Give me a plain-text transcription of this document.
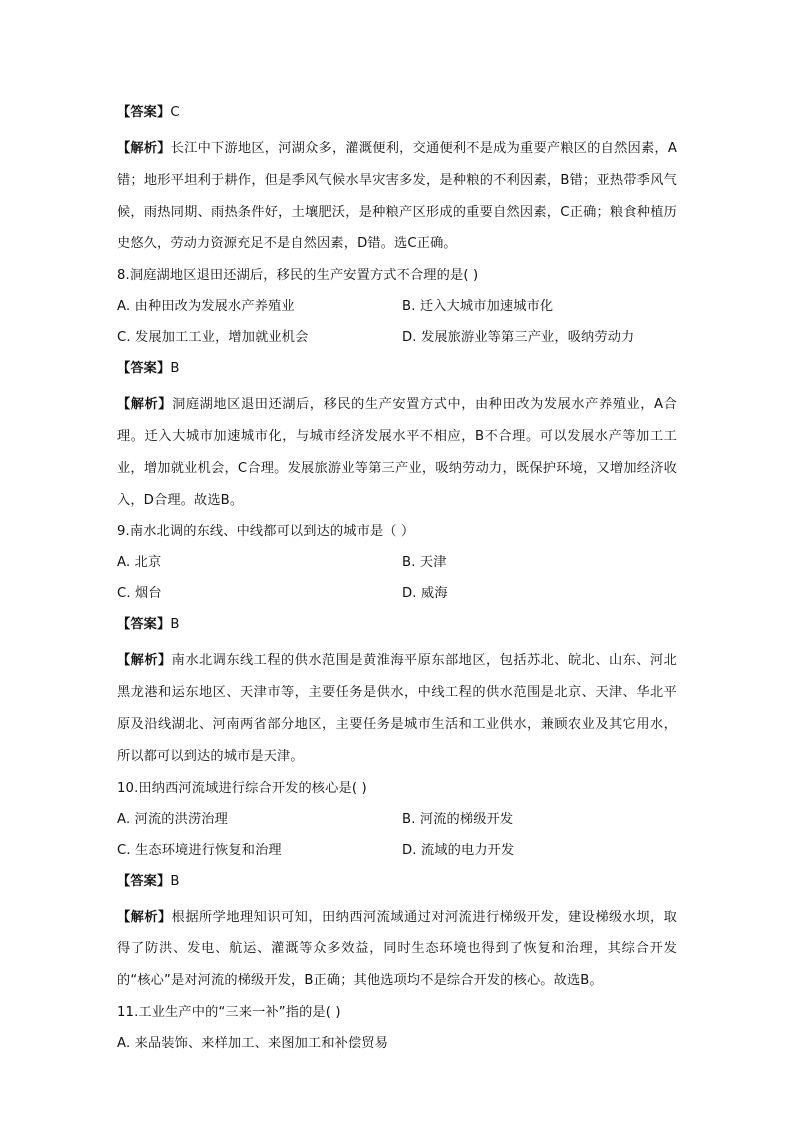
【答案】C

【解析】长江中下游地区，河湖众多，灌溉便利，交通便利不是成为重要产粮区的自然因素，A错；地形平坦利于耕作，但是季风气候水旱灾害多发，是种粮的不利因素，B错；亚热带季风气候，雨热同期、雨热条件好，土壤肥沃，是种粮产区形成的重要自然因素，C正确；粮食种植历史悠久，劳动力资源充足不是自然因素，D错。选C正确。

8.洞庭湖地区退田还湖后，移民的生产安置方式不合理的是( )

A. 由种田改为发展水产养殖业	B. 迁入大城市加速城市化
C. 发展加工工业，增加就业机会	D. 发展旅游业等第三产业，吸纳劳动力

【答案】B

【解析】洞庭湖地区退田还湖后，移民的生产安置方式中，由种田改为发展水产养殖业，A合理。迁入大城市加速城市化，与城市经济发展水平不相应，B不合理。可以发展水产等加工工业，增加就业机会，C合理。发展旅游业等第三产业，吸纳劳动力，既保护环境，又增加经济收入，D合理。故选B。

9.南水北调的东线、中线都可以到达的城市是（ ）

A. 北京	B. 天津
C. 烟台	D. 威海

【答案】B

【解析】南水北调东线工程的供水范围是黄淮海平原东部地区，包括苏北、皖北、山东、河北黑龙港和运东地区、天津市等，主要任务是供水，中线工程的供水范围是北京、天津、华北平原及沿线湖北、河南两省部分地区，主要任务是城市生活和工业供水，兼顾农业及其它用水，所以都可以到达的城市是天津。

10.田纳西河流域进行综合开发的核心是( )

A. 河流的洪涝治理	B. 河流的梯级开发
C. 生态环境进行恢复和治理	D. 流域的电力开发

【答案】B

【解析】根据所学地理知识可知，田纳西河流域通过对河流进行梯级开发，建设梯级水坝，取得了防洪、发电、航运、灌溉等众多效益，同时生态环境也得到了恢复和治理，其综合开发的“核心”是对河流的梯级开发，B正确；其他选项均不是综合开发的核心。故选B。

11.工业生产中的“三来一补”指的是( )

A. 来品装饰、来样加工、来图加工和补偿贸易
